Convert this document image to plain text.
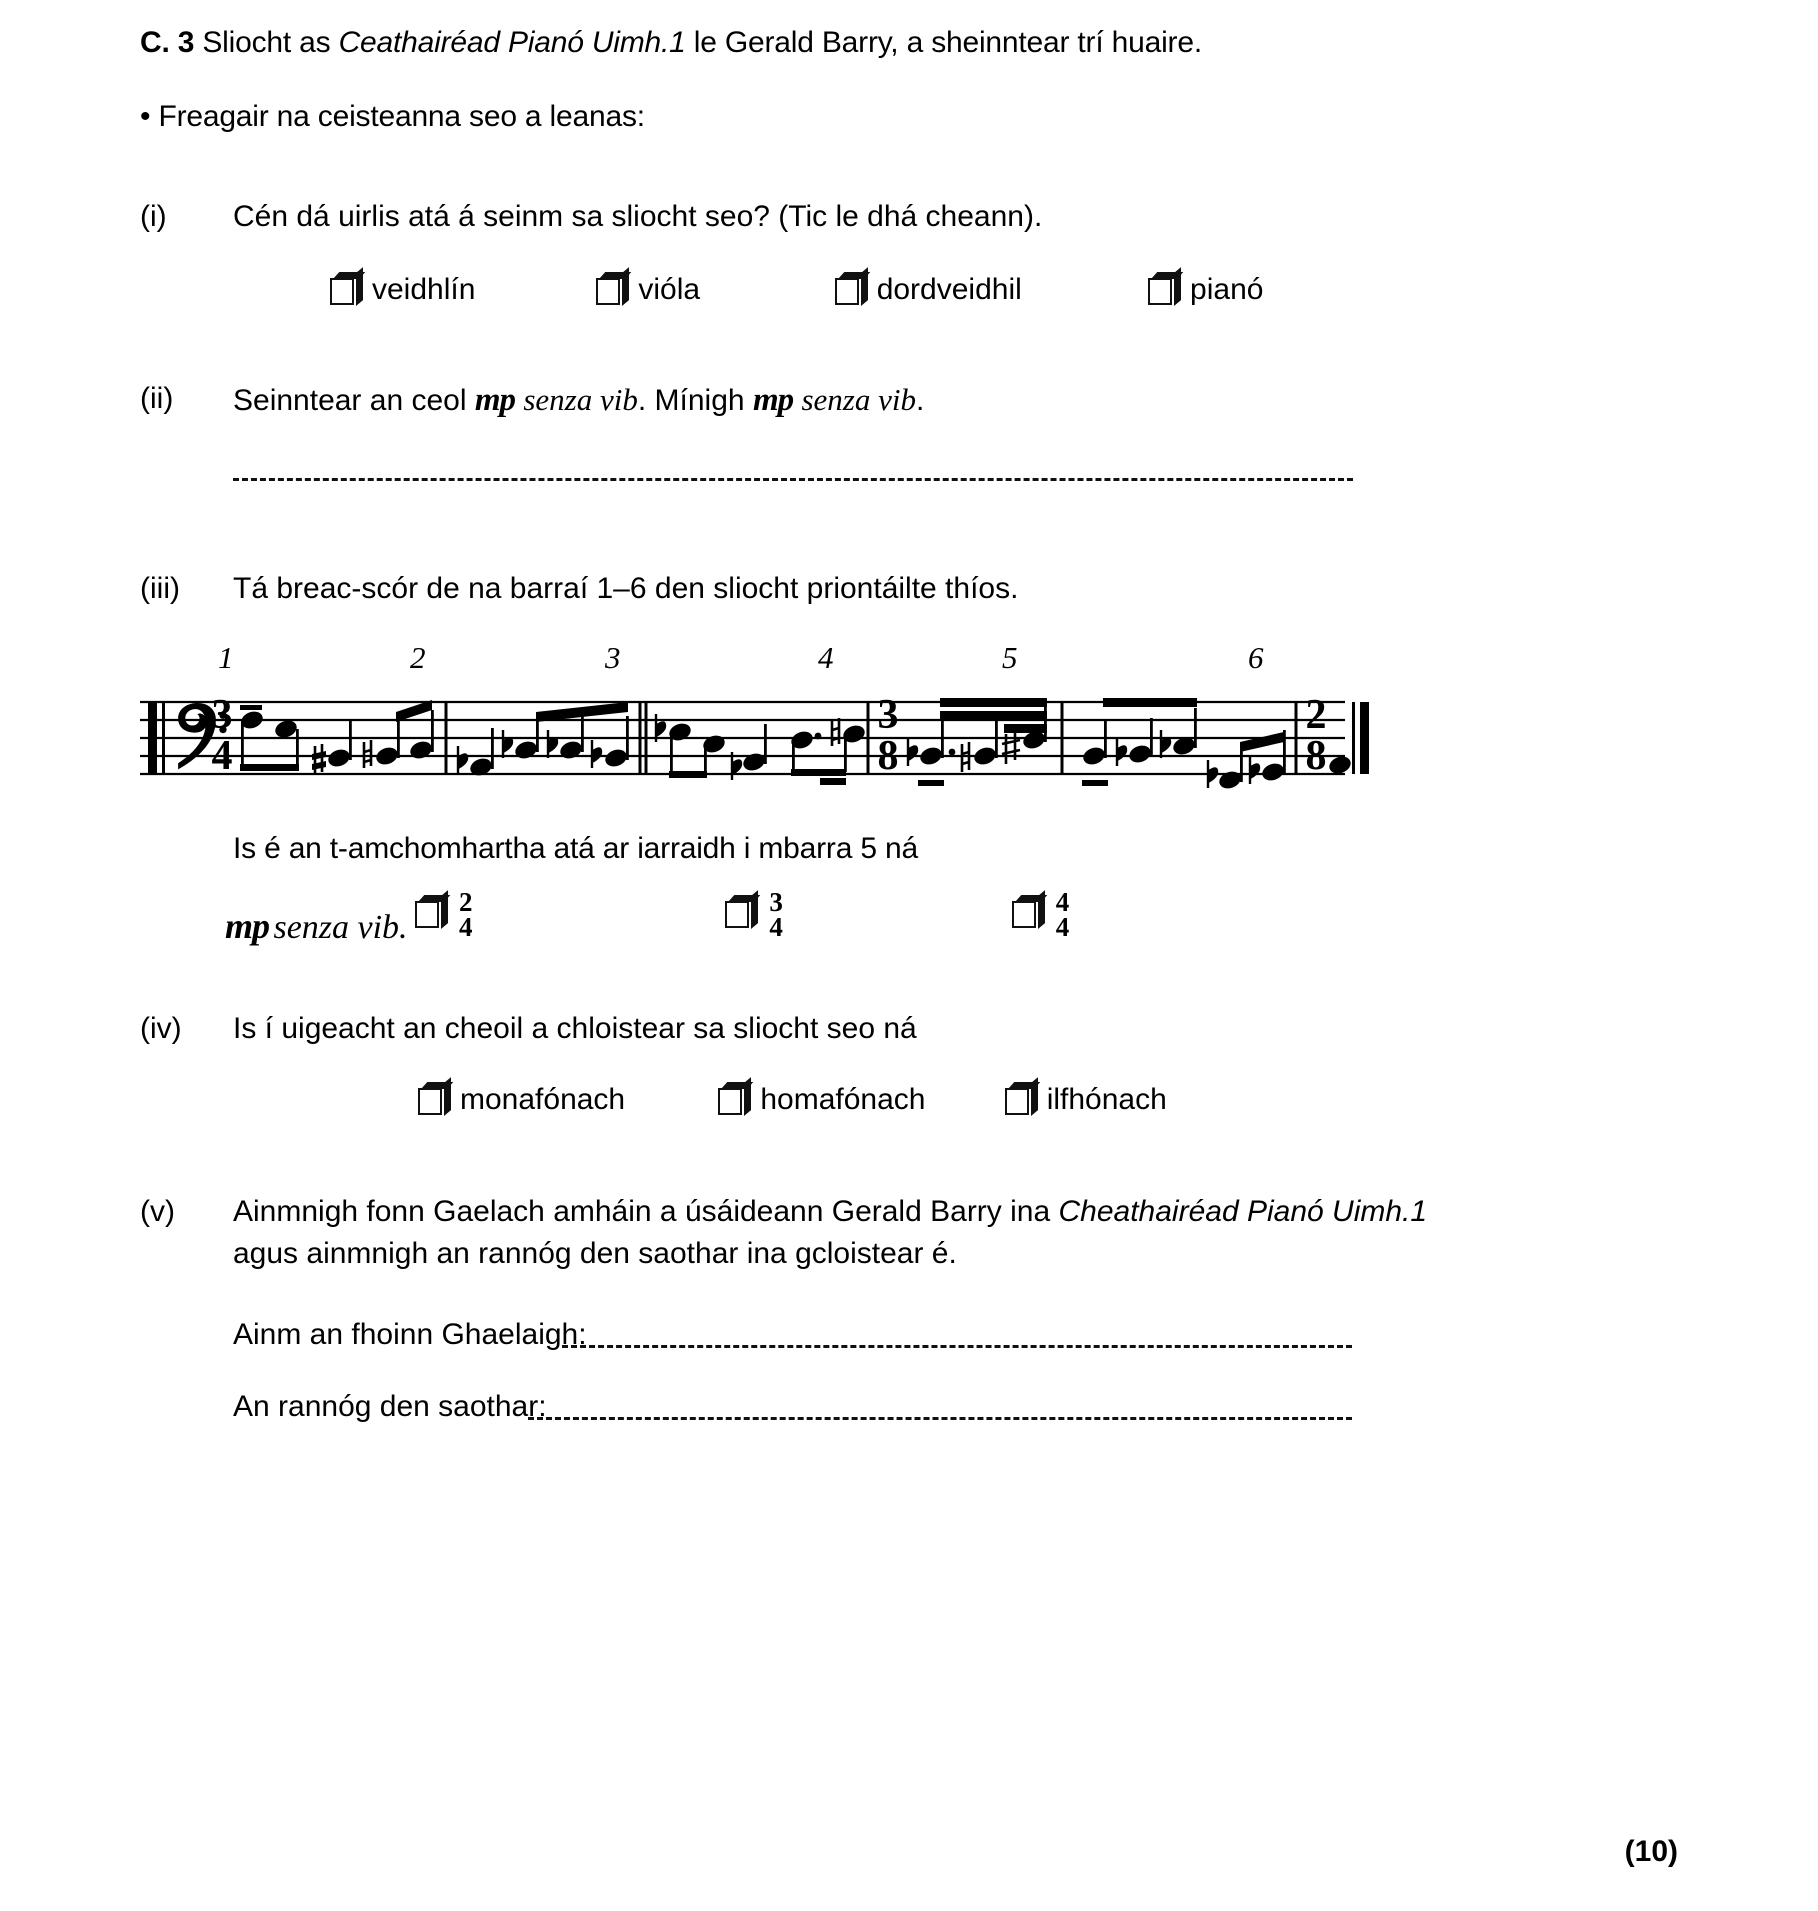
C. 3 Sliocht as Ceathairéad Pianó Uimh.1 le Gerald Barry, a sheinntear trí huaire.
• Freagair na ceisteanna seo a leanas:
(i) Cén dá uirlis atá á seinm sa sliocht seo? (Tic le dhá cheann).
veidhlín	vióla	dordveidhil	pianó
(ii) Seinntear an ceol mp senza vib. Mínigh mp senza vib.
(iii) Tá breac-scór de na barraí 1–6 den sliocht priontáilte thíos.
1	2	3	4	5	6
3
4
3
8
2
8
mp senza vib.
Is é an t-amchomhartha atá ar iarraidh i mbarra 5 ná
2
4

3
4

4
4
(iv) Is í uigeacht an cheoil a chloistear sa sliocht seo ná
monafónach	homafónach	ilfhónach
(v) Ainmnigh fonn Gaelach amháin a úsáideann Gerald Barry ina Cheathairéad Pianó Uimh.1
agus ainmnigh an rannóg den saothar ina gcloistear é.
Ainm an fhoinn Ghaelaigh:
An rannóg den saothar:
(10)
